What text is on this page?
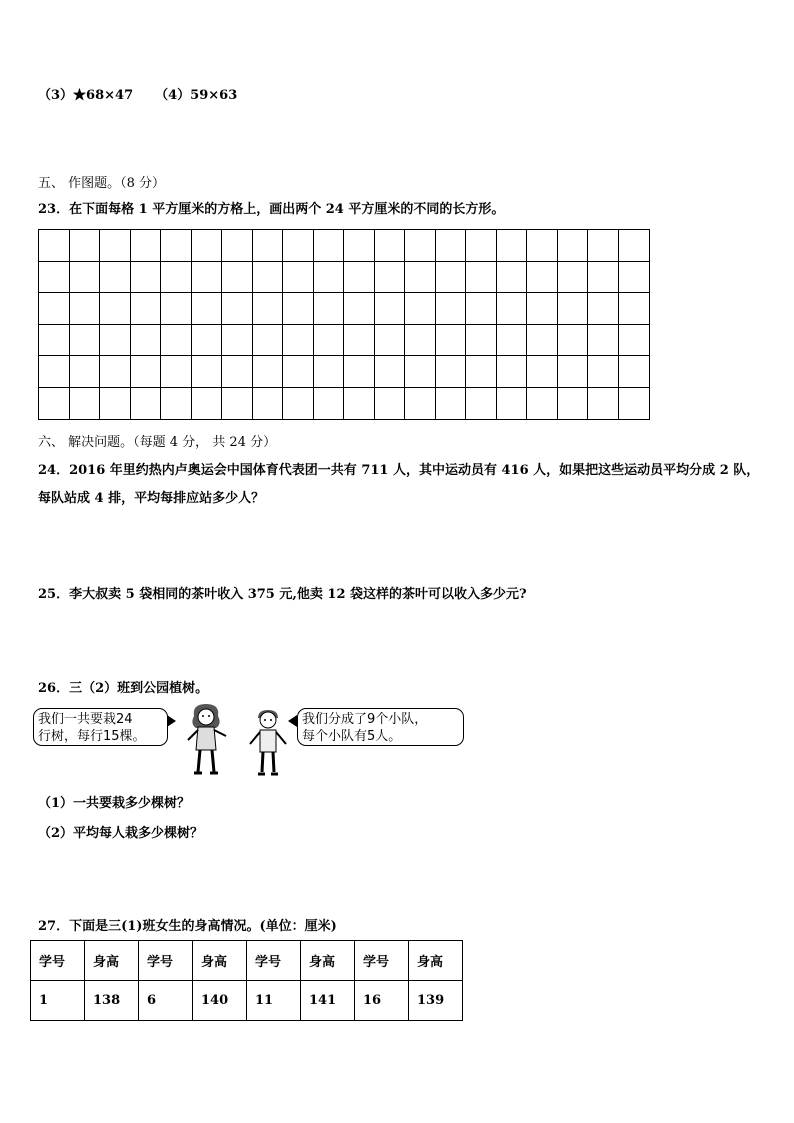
（3）★68×47 （4）59×63
五、 作图题。（8 分）
23．在下面每格 1 平方厘米的方格上，画出两个 24 平方厘米的不同的长方形。
六、 解决问题。（每题 4 分， 共 24 分）
24．2016 年里约热内卢奥运会中国体育代表团一共有 711 人，其中运动员有 416 人，如果把这些运动员平均分成 2 队，
每队站成 4 排，平均每排应站多少人？
25．李大叔卖 5 袋相同的茶叶收入 375 元,他卖 12 袋这样的茶叶可以收入多少元?
26．三（2）班到公园植树。
我们一共要栽24
行树，每行15棵。
我们分成了9个小队，
每个小队有5人。
（1）一共要栽多少棵树？
（2）平均每人栽多少棵树？
27．下面是三(1)班女生的身高情况。(单位：厘米)
学号	身高	学号	身高	学号	身高	学号	身高
1	138	6	140	11	141	16	139
